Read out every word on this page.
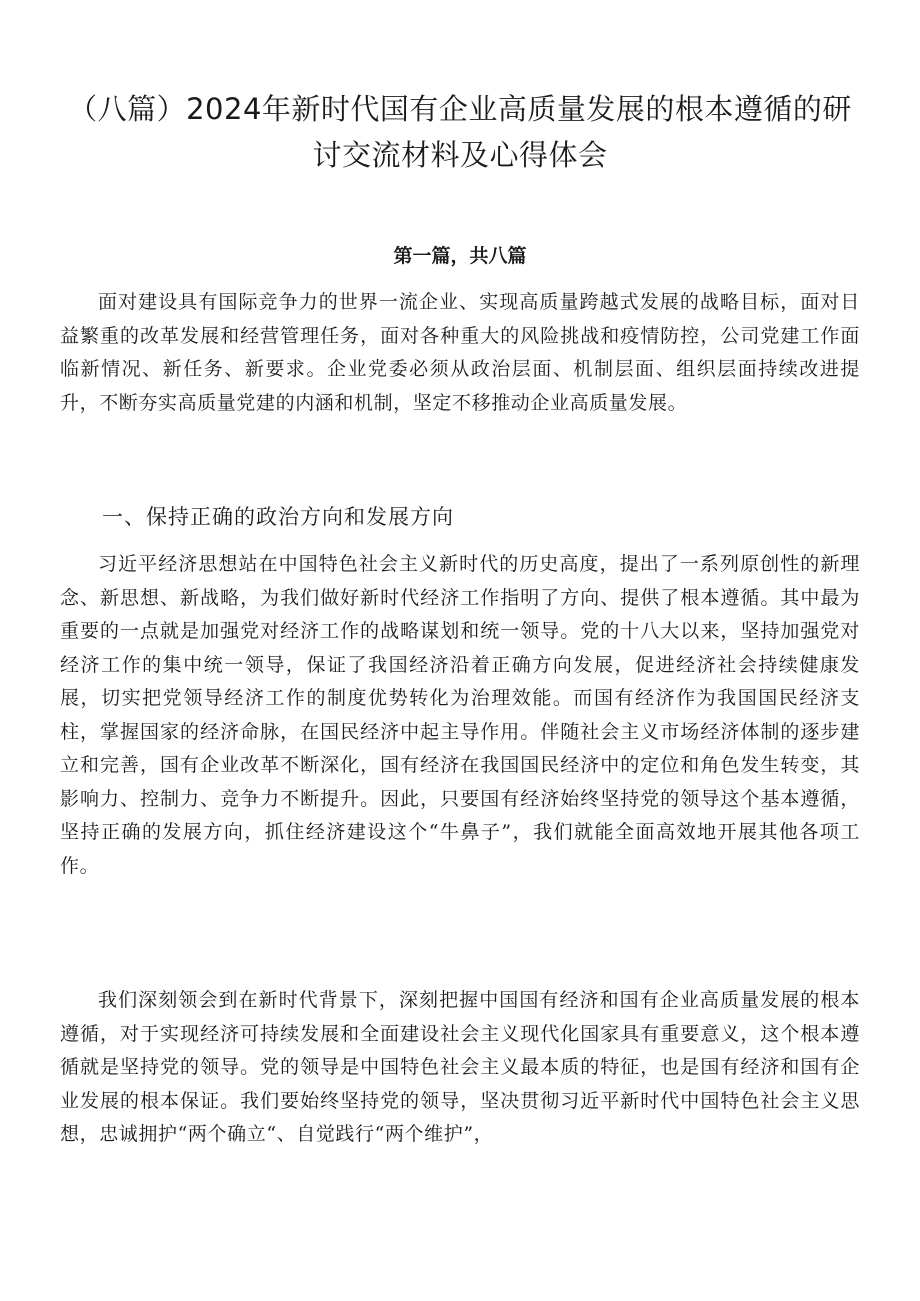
（八篇）2024年新时代国有企业高质量发展的根本遵循的研讨交流材料及心得体会
第一篇，共八篇

面对建设具有国际竞争力的世界一流企业、实现高质量跨越式发展的战略目标，面对日益繁重的改革发展和经营管理任务，面对各种重大的风险挑战和疫情防控，公司党建工作面临新情况、新任务、新要求。企业党委必须从政治层面、机制层面、组织层面持续改进提升，不断夯实高质量党建的内涵和机制，坚定不移推动企业高质量发展。

一、保持正确的政治方向和发展方向

习近平经济思想站在中国特色社会主义新时代的历史高度，提出了一系列原创性的新理念、新思想、新战略，为我们做好新时代经济工作指明了方向、提供了根本遵循。其中最为重要的一点就是加强党对经济工作的战略谋划和统一领导。党的十八大以来，坚持加强党对经济工作的集中统一领导，保证了我国经济沿着正确方向发展，促进经济社会持续健康发展，切实把党领导经济工作的制度优势转化为治理效能。而国有经济作为我国国民经济支柱，掌握国家的经济命脉，在国民经济中起主导作用。伴随社会主义市场经济体制的逐步建立和完善，国有企业改革不断深化，国有经济在我国国民经济中的定位和角色发生转变，其影响力、控制力、竞争力不断提升。因此，只要国有经济始终坚持党的领导这个基本遵循，坚持正确的发展方向，抓住经济建设这个“牛鼻子”，我们就能全面高效地开展其他各项工作。

我们深刻领会到在新时代背景下，深刻把握中国国有经济和国有企业高质量发展的根本遵循，对于实现经济可持续发展和全面建设社会主义现代化国家具有重要意义，这个根本遵循就是坚持党的领导。党的领导是中国特色社会主义最本质的特征，也是国有经济和国有企业发展的根本保证。我们要始终坚持党的领导，坚决贯彻习近平新时代中国特色社会主义思想，忠诚拥护“两个确立“、自觉践行“两个维护”，
